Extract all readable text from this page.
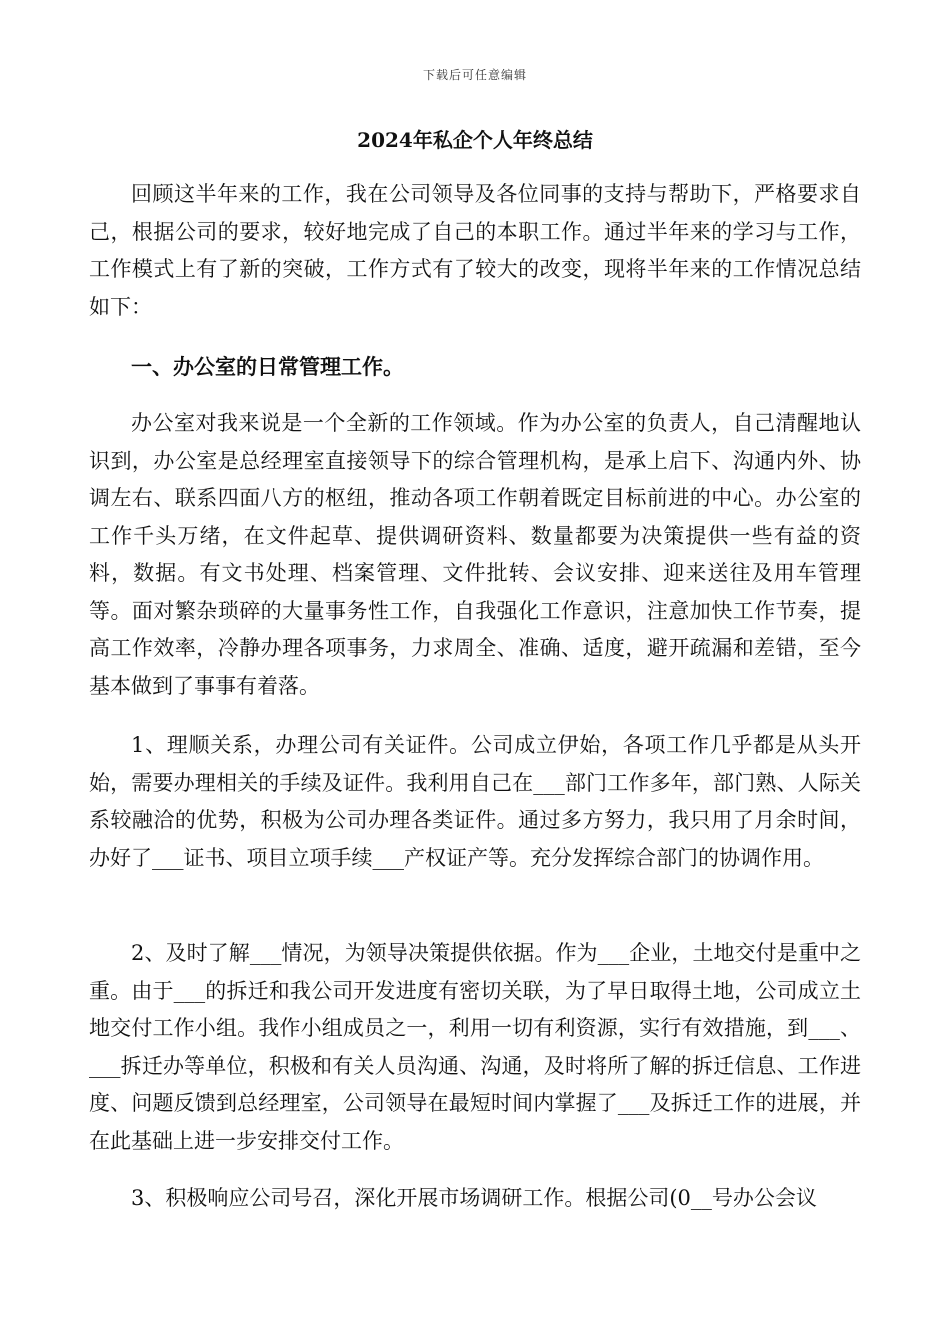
下载后可任意编辑
2024年私企个人年终总结

回顾这半年来的工作，我在公司领导及各位同事的支持与帮助下，严格要求自己，根据公司的要求，较好地完成了自己的本职工作。通过半年来的学习与工作，工作模式上有了新的突破，工作方式有了较大的改变，现将半年来的工作情况总结如下：

一、办公室的日常管理工作。

办公室对我来说是一个全新的工作领域。作为办公室的负责人，自己清醒地认识到，办公室是总经理室直接领导下的综合管理机构，是承上启下、沟通内外、协调左右、联系四面八方的枢纽，推动各项工作朝着既定目标前进的中心。办公室的工作千头万绪，在文件起草、提供调研资料、数量都要为决策提供一些有益的资料，数据。有文书处理、档案管理、文件批转、会议安排、迎来送往及用车管理等。面对繁杂琐碎的大量事务性工作，自我强化工作意识，注意加快工作节奏，提高工作效率，冷静办理各项事务，力求周全、准确、适度，避开疏漏和差错，至今基本做到了事事有着落。

1、理顺关系，办理公司有关证件。公司成立伊始，各项工作几乎都是从头开始，需要办理相关的手续及证件。我利用自己在___部门工作多年，部门熟、人际关系较融洽的优势，积极为公司办理各类证件。通过多方努力，我只用了月余时间，办好了___证书、项目立项手续___产权证产等。充分发挥综合部门的协调作用。

2、及时了解___情况，为领导决策提供依据。作为___企业，土地交付是重中之重。由于___的拆迁和我公司开发进度有密切关联，为了早日取得土地，公司成立土地交付工作小组。我作小组成员之一，利用一切有利资源，实行有效措施，到___、___拆迁办等单位，积极和有关人员沟通、沟通，及时将所了解的拆迁信息、工作进度、问题反馈到总经理室，公司领导在最短时间内掌握了___及拆迁工作的进展，并在此基础上进一步安排交付工作。

3、积极响应公司号召，深化开展市场调研工作。根据公司(0__号办公会议
